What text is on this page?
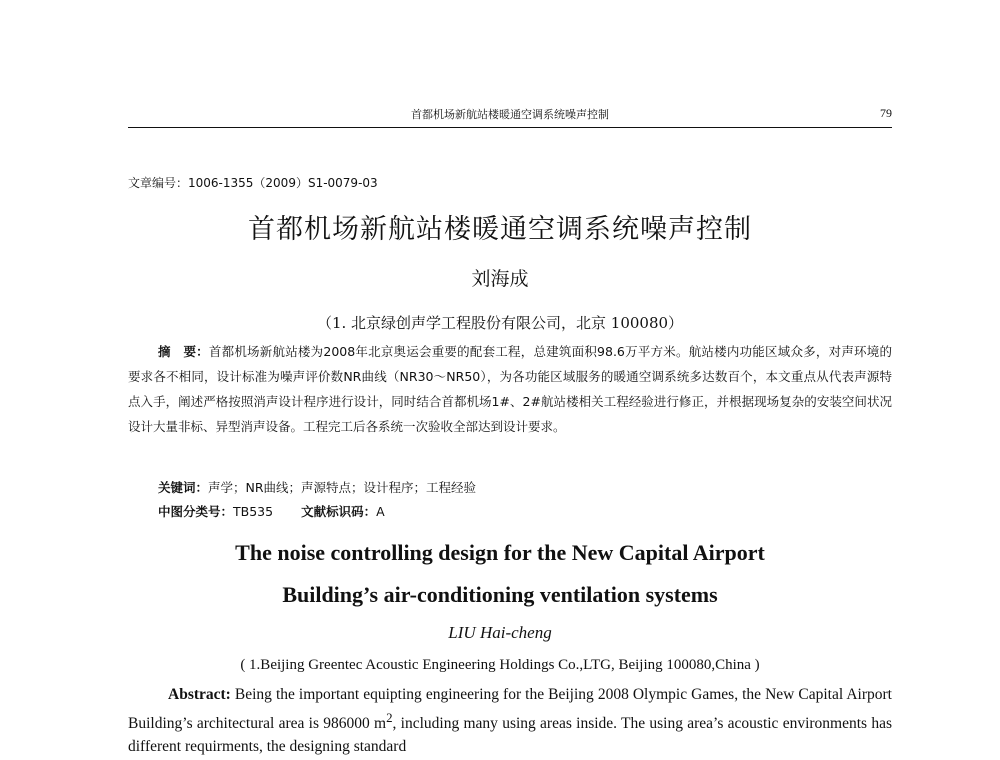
首都机场新航站楼暖通空调系统噪声控制	79
文章编号：1006-1355（2009）S1-0079-03
首都机场新航站楼暖通空调系统噪声控制
刘海成
（1. 北京绿创声学工程股份有限公司，北京 100080）
摘　要：首都机场新航站楼为2008年北京奥运会重要的配套工程，总建筑面积98.6万平方米。航站楼内功能区域众多，对声环境的要求各不相同，设计标准为噪声评价数NR曲线（NR30～NR50），为各功能区域服务的暖通空调系统多达数百个，本文重点从代表声源特点入手，阐述严格按照消声设计程序进行设计，同时结合首都机场1#、2#航站楼相关工程经验进行修正，并根据现场复杂的安装空间状况设计大量非标、异型消声设备。工程完工后各系统一次验收全部达到设计要求。
关键词：声学；NR曲线；声源特点；设计程序；工程经验
中图分类号：TB535 文献标识码：A
The noise controlling design for the New Capital Airport
Building’s air-conditioning ventilation systems
LIU Hai-cheng
( 1.Beijing Greentec Acoustic Engineering Holdings Co.,LTG, Beijing 100080,China )
Abstract: Being the important equipting engineering for the Beijing 2008 Olympic Games, the New Capital Airport Building’s architectural area is 986000 $m^2$, including many using areas inside. The using area’s acoustic environments has different requirments, the designing standard
